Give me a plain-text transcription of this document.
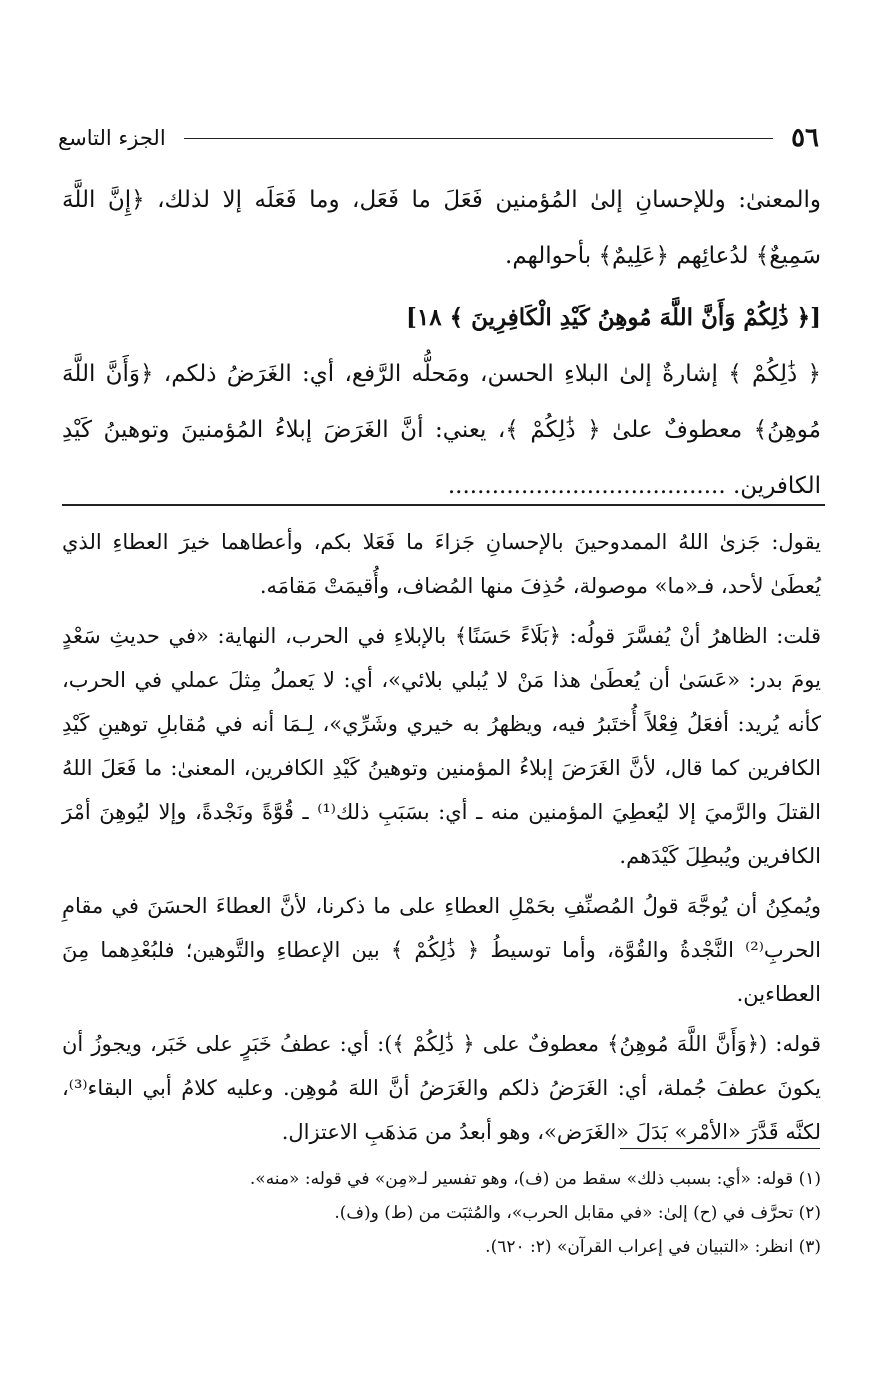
٥٦
الجزء التاسع

والمعنىٰ: وللإحسانِ إلىٰ المُؤمنين فَعَلَ ما فَعَل، وما فَعَلَه إلا لذلك، ﴿إِنَّ اللَّهَ سَمِيعٌ﴾ لدُعائِهم ﴿عَلِيمٌ﴾ بأحوالهم.

[﴿ ذَٰلِكُمْ وَأَنَّ اللَّهَ مُوهِنُ كَيْدِ الْكَافِرِينَ ﴾ ١٨]

﴿ ذَٰلِكُمْ ﴾ إشارةٌ إلىٰ البلاءِ الحسن، ومَحلُّه الرَّفع، أي: الغَرَضُ ذلكم، ﴿وَأَنَّ اللَّهَ مُوهِنُ﴾ معطوفٌ علىٰ ﴿ ذَٰلِكُمْ ﴾، يعني: أنَّ الغَرَضَ إبلاءُ المُؤمنينَ وتوهينُ كَيْدِ الكافرين. ......................................

يقول: جَزىٰ اللهُ الممدوحينَ بالإحسانِ جَزاءَ ما فَعَلا بكم، وأعطاهما خيرَ العطاءِ الذي يُعطَىٰ لأحد، فـ«ما» موصولة، حُذِفَ منها المُضاف، وأُقيمَتْ مَقامَه.

قلت: الظاهرُ أنْ يُفسَّرَ قولُه: ﴿بَلَاءً حَسَنًا﴾ بالإبلاءِ في الحرب، النهاية: «في حديثِ سَعْدٍ يومَ بدر: «عَسَىٰ أن يُعطَىٰ هذا مَنْ لا يُبلي بلائي»، أي: لا يَعملُ مِثلَ عملي في الحرب، كأنه يُريد: أفعَلُ فِعْلاً أُختَبرُ فيه، ويظهرُ به خيري وشَرِّي»، لِـمَا أنه في مُقابلِ توهينِ كَيْدِ الكافرين كما قال، لأنَّ الغَرَضَ إبلاءُ المؤمنين وتوهينُ كَيْدِ الكافرين، المعنىٰ: ما فَعَلَ اللهُ القتلَ والرَّميَ إلا ليُعطِيَ المؤمنين منه ـ أي: بسَبَبِ ذلك⁽¹⁾ ـ قُوَّةً ونَجْدةً، وإلا ليُوهِنَ أمْرَ الكافرين ويُبطِلَ كَيْدَهم.

ويُمكِنُ أن يُوجَّهَ قولُ المُصنِّفِ بحَمْلِ العطاءِ على ما ذكرنا، لأنَّ العطاءَ الحسَنَ في مقامِ الحربِ⁽²⁾ النَّجْدةُ والقُوَّة، وأما توسيطُ ﴿ ذَٰلِكُمْ ﴾ بين الإعطاءِ والتَّوهين؛ فلبُعْدِهما مِنَ العطاءين.

قوله: (﴿وَأَنَّ اللَّهَ مُوهِنُ﴾ معطوفٌ على ﴿ ذَٰلِكُمْ ﴾): أي: عطفُ خَبَرٍ على خَبَر، ويجوزُ أن يكونَ عطفَ جُملة، أي: الغَرَضُ ذلكم والغَرَضُ أنَّ اللهَ مُوهِن. وعليه كلامُ أبي البقاء⁽³⁾، لكنَّه قَدَّرَ «الأمْر» بَدَلَ «الغَرَض»، وهو أبعدُ من مَذهَبِ الاعتزال.

(١) قوله: «أي: بسبب ذلك» سقط من (ف)، وهو تفسير لـ«مِن» في قوله: «منه».
(٢) تحرَّف في (ح) إلىٰ: «في مقابل الحرب»، والمُثبَت من (ط) و(ف).
(٣) انظر: «التبيان في إعراب القرآن» (٢: ٦٢٠).
